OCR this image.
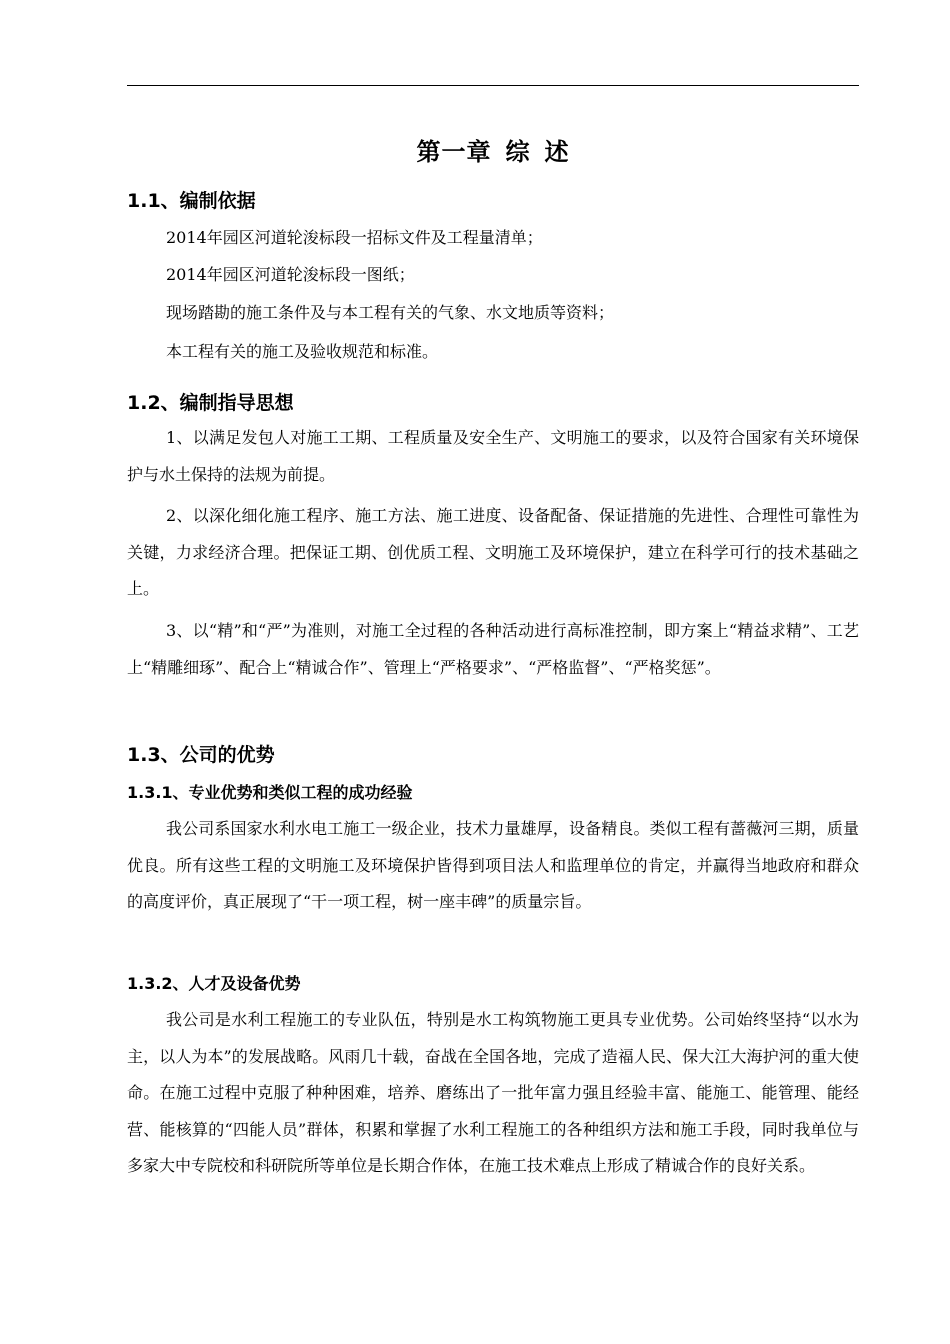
第一章 综 述
1.1、编制依据
2014年园区河道轮浚标段一招标文件及工程量清单；
2014年园区河道轮浚标段一图纸；
现场踏勘的施工条件及与本工程有关的气象、水文地质等资料；
本工程有关的施工及验收规范和标准。
1.2、编制指导思想

1、以满足发包人对施工工期、工程质量及安全生产、文明施工的要求，以及符合国家有关环境保护与水土保持的法规为前提。

2、以深化细化施工程序、施工方法、施工进度、设备配备、保证措施的先进性、合理性可靠性为关键，力求经济合理。把保证工期、创优质工程、文明施工及环境保护，建立在科学可行的技术基础之上。

3、以“精”和“严”为准则，对施工全过程的各种活动进行高标准控制，即方案上“精益求精”、工艺上“精雕细琢”、配合上“精诚合作”、管理上“严格要求”、“严格监督”、“严格奖惩”。

1.3、公司的优势
1.3.1、专业优势和类似工程的成功经验

我公司系国家水利水电工施工一级企业，技术力量雄厚，设备精良。类似工程有蔷薇河三期，质量优良。所有这些工程的文明施工及环境保护皆得到项目法人和监理单位的肯定，并赢得当地政府和群众的高度评价，真正展现了“干一项工程，树一座丰碑”的质量宗旨。

1.3.2、人才及设备优势

我公司是水利工程施工的专业队伍，特别是水工构筑物施工更具专业优势。公司始终坚持“以水为主，以人为本”的发展战略。风雨几十载，奋战在全国各地，完成了造福人民、保大江大海护河的重大使命。在施工过程中克服了种种困难，培养、磨练出了一批年富力强且经验丰富、能施工、能管理、能经营、能核算的“四能人员”群体，积累和掌握了水利工程施工的各种组织方法和施工手段，同时我单位与多家大中专院校和科研院所等单位是长期合作体，在施工技术难点上形成了精诚合作的良好关系。
